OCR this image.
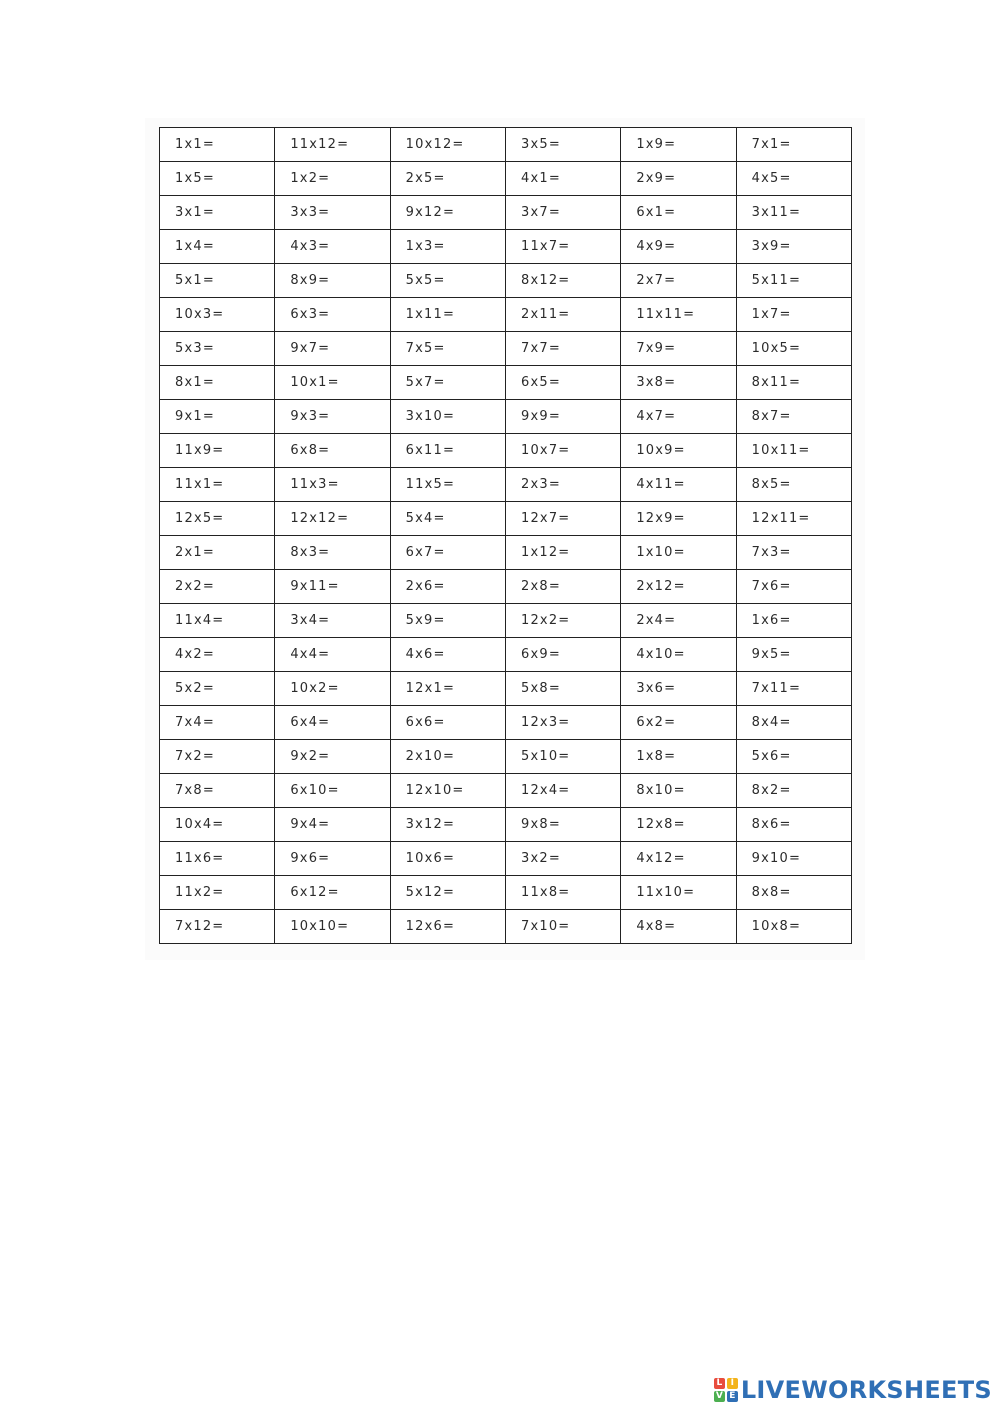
1x1=	11x12=	10x12=	3x5=	1x9=	7x1=
1x5=	1x2=	2x5=	4x1=	2x9=	4x5=
3x1=	3x3=	9x12=	3x7=	6x1=	3x11=
1x4=	4x3=	1x3=	11x7=	4x9=	3x9=
5x1=	8x9=	5x5=	8x12=	2x7=	5x11=
10x3=	6x3=	1x11=	2x11=	11x11=	1x7=
5x3=	9x7=	7x5=	7x7=	7x9=	10x5=
8x1=	10x1=	5x7=	6x5=	3x8=	8x11=
9x1=	9x3=	3x10=	9x9=	4x7=	8x7=
11x9=	6x8=	6x11=	10x7=	10x9=	10x11=
11x1=	11x3=	11x5=	2x3=	4x11=	8x5=
12x5=	12x12=	5x4=	12x7=	12x9=	12x11=
2x1=	8x3=	6x7=	1x12=	1x10=	7x3=
2x2=	9x11=	2x6=	2x8=	2x12=	7x6=
11x4=	3x4=	5x9=	12x2=	2x4=	1x6=
4x2=	4x4=	4x6=	6x9=	4x10=	9x5=
5x2=	10x2=	12x1=	5x8=	3x6=	7x11=
7x4=	6x4=	6x6=	12x3=	6x2=	8x4=
7x2=	9x2=	2x10=	5x10=	1x8=	5x6=
7x8=	6x10=	12x10=	12x4=	8x10=	8x2=
10x4=	9x4=	3x12=	9x8=	12x8=	8x6=
11x6=	9x6=	10x6=	3x2=	4x12=	9x10=
11x2=	6x12=	5x12=	11x8=	11x10=	8x8=
7x12=	10x10=	12x6=	7x10=	4x8=	10x8=
L I
V E LIVEWORKSHEETS
